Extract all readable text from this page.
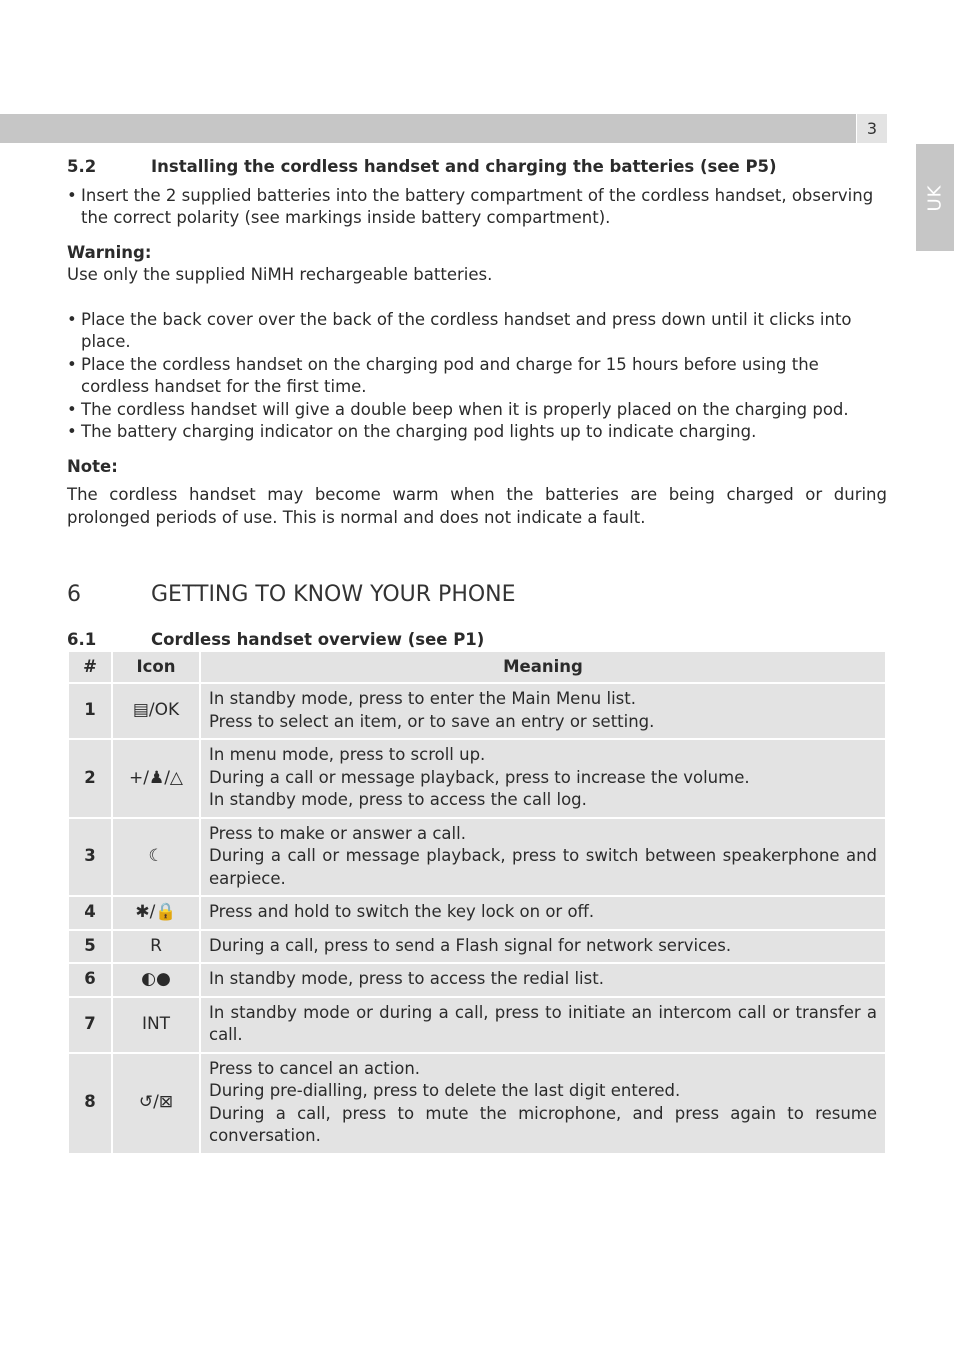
3
UK
5.2	Installing the cordless handset and charging the batteries (see P5)
• Insert the 2 supplied batteries into the battery compartment of the cordless handset, observing the correct polarity (see markings inside battery compartment).
Warning:
Use only the supplied NiMH rechargeable batteries.
• Place the back cover over the back of the cordless handset and press down until it clicks into place.
• Place the cordless handset on the charging pod and charge for 15 hours before using the cordless handset for the first time.
• The cordless handset will give a double beep when it is properly placed on the charging pod.
• The battery charging indicator on the charging pod lights up to indicate charging.
Note:
The cordless handset may become warm when the batteries are being charged or during prolonged periods of use. This is normal and does not indicate a fault.
6	GETTING TO KNOW YOUR PHONE
6.1	Cordless handset overview (see P1)
#	Icon	Meaning
1	▤/OK	In standby mode, press to enter the Main Menu list.
Press to select an item, or to save an entry or setting.

2	+/♟/△	In menu mode, press to scroll up.
During a call or message playback, press to increase the volume.
In standby mode, press to access the call log.

3	☾	Press to make or answer a call.
During a call or message playback, press to switch between speakerphone and earpiece.

4	✱/🔒	Press and hold to switch the key lock on or off.

5	R	During a call, press to send a Flash signal for network services.

6	◐●	In standby mode, press to access the redial list.

7	INT	In standby mode or during a call, press to initiate an intercom call or transfer a call.

8	↺/⊠	Press to cancel an action.
During pre-dialling, press to delete the last digit entered.
During a call, press to mute the microphone, and press again to resume conversation.
